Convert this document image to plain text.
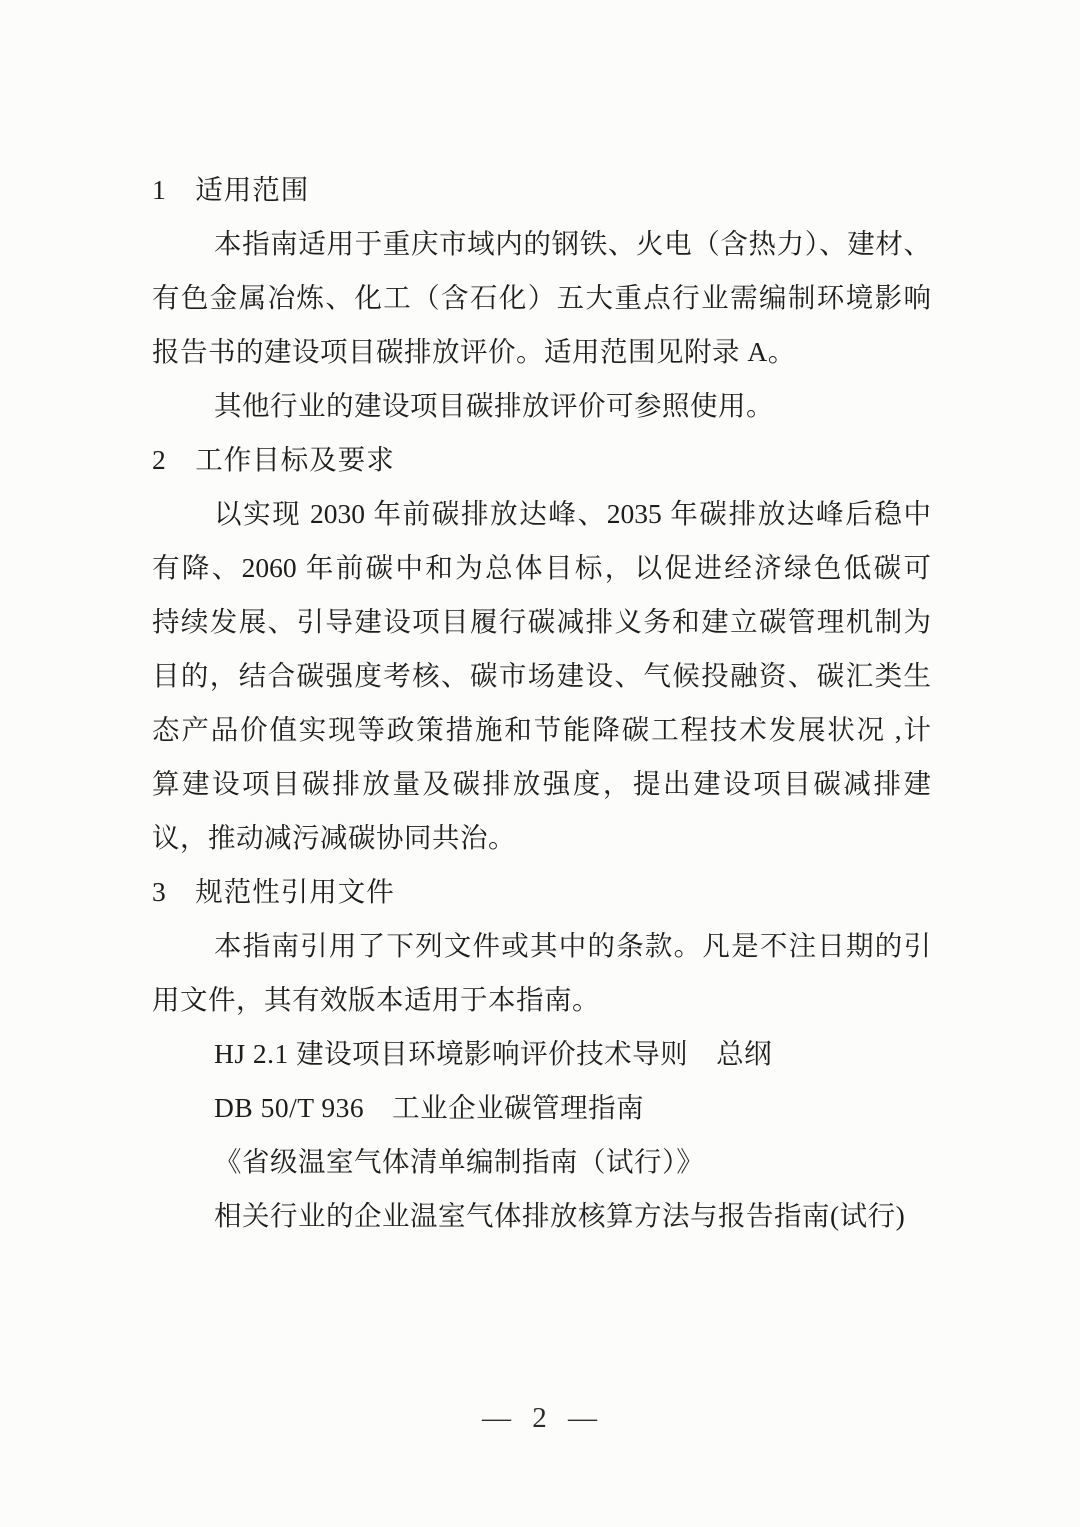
1　适用范围
本指南适用于重庆市域内的钢铁、火电（含热力）、建材、
有色金属冶炼、化工（含石化）五大重点行业需编制环境影响
报告书的建设项目碳排放评价。适用范围见附录 A。
其他行业的建设项目碳排放评价可参照使用。
2　工作目标及要求
以实现 2030 年前碳排放达峰、2035 年碳排放达峰后稳中
有降、2060 年前碳中和为总体目标，以促进经济绿色低碳可
持续发展、引导建设项目履行碳减排义务和建立碳管理机制为
目的，结合碳强度考核、碳市场建设、气候投融资、碳汇类生
态产品价值实现等政策措施和节能降碳工程技术发展状况 ,计
算建设项目碳排放量及碳排放强度，提出建设项目碳减排建
议，推动减污减碳协同共治。
3　规范性引用文件
本指南引用了下列文件或其中的条款。凡是不注日期的引
用文件，其有效版本适用于本指南。
HJ 2.1 建设项目环境影响评价技术导则　总纲
DB 50/T 936　工业企业碳管理指南
《省级温室气体清单编制指南（试行）》
相关行业的企业温室气体排放核算方法与报告指南(试行)
— 2 —
